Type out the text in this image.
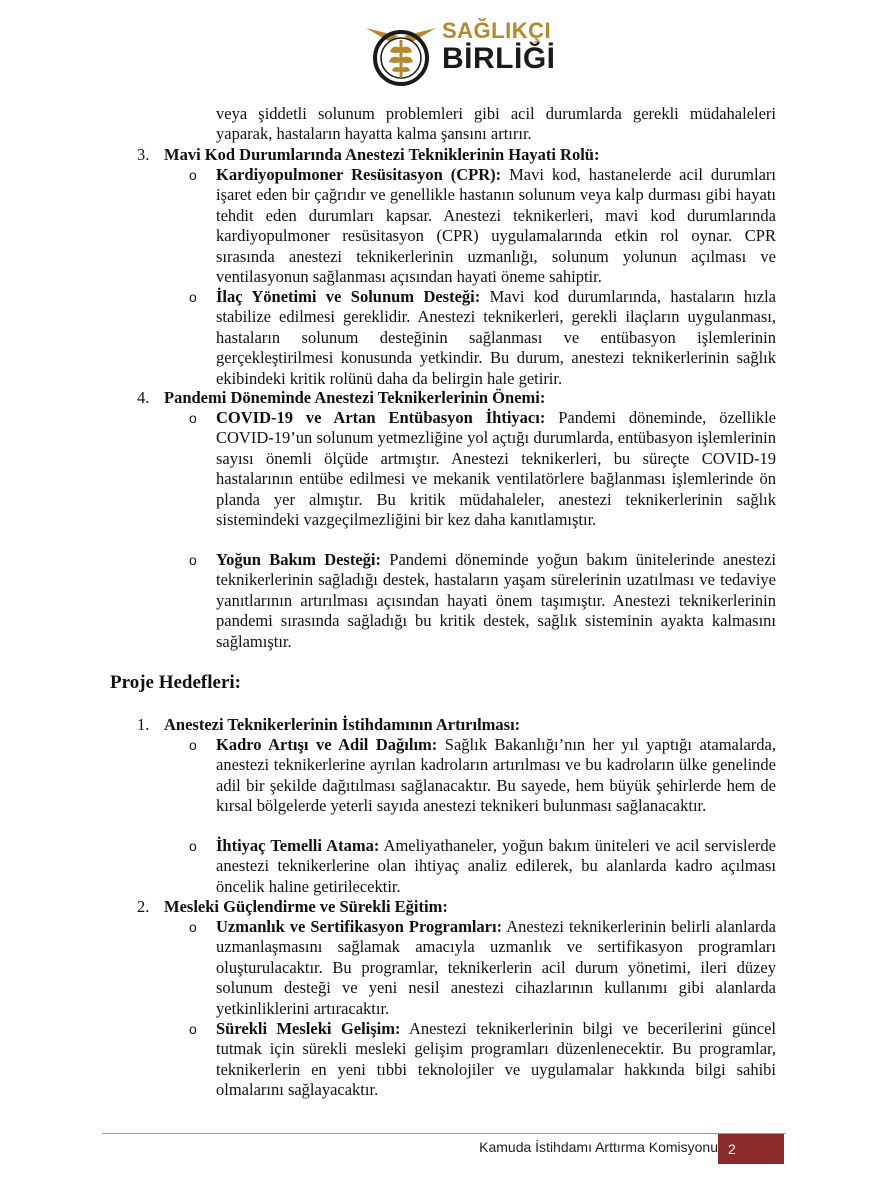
SAĞLIKÇI
BİRLİĞİ
veya şiddetli solunum problemleri gibi acil durumlarda gerekli müdahaleleri yaparak, hastaların hayatta kalma şansını artırır.
3. Mavi Kod Durumlarında Anestezi Tekniklerinin Hayati Rolü:
o Kardiyopulmoner Resüsitasyon (CPR): Mavi kod, hastanelerde acil durumları işaret eden bir çağrıdır ve genellikle hastanın solunum veya kalp durması gibi hayatı tehdit eden durumları kapsar. Anestezi teknikerleri, mavi kod durumlarında kardiyopulmoner resüsitasyon (CPR) uygulamalarında etkin rol oynar. CPR sırasında anestezi teknikerlerinin uzmanlığı, solunum yolunun açılması ve ventilasyonun sağlanması açısından hayati öneme sahiptir.
o İlaç Yönetimi ve Solunum Desteği: Mavi kod durumlarında, hastaların hızla stabilize edilmesi gereklidir. Anestezi teknikerleri, gerekli ilaçların uygulanması, hastaların solunum desteğinin sağlanması ve entübasyon işlemlerinin gerçekleştirilmesi konusunda yetkindir. Bu durum, anestezi teknikerlerinin sağlık ekibindeki kritik rolünü daha da belirgin hale getirir.
4. Pandemi Döneminde Anestezi Teknikerlerinin Önemi:
o COVID-19 ve Artan Entübasyon İhtiyacı: Pandemi döneminde, özellikle COVID-19’un solunum yetmezliğine yol açtığı durumlarda, entübasyon işlemlerinin sayısı önemli ölçüde artmıştır. Anestezi teknikerleri, bu süreçte COVID-19 hastalarının entübe edilmesi ve mekanik ventilatörlere bağlanması işlemlerinde ön planda yer almıştır. Bu kritik müdahaleler, anestezi teknikerlerinin sağlık sistemindeki vazgeçilmezliğini bir kez daha kanıtlamıştır.
o Yoğun Bakım Desteği: Pandemi döneminde yoğun bakım ünitelerinde anestezi teknikerlerinin sağladığı destek, hastaların yaşam sürelerinin uzatılması ve tedaviye yanıtlarının artırılması açısından hayati önem taşımıştır. Anestezi teknikerlerinin pandemi sırasında sağladığı bu kritik destek, sağlık sisteminin ayakta kalmasını sağlamıştır.
Proje Hedefleri:
1. Anestezi Teknikerlerinin İstihdamının Artırılması:
o Kadro Artışı ve Adil Dağılım: Sağlık Bakanlığı’nın her yıl yaptığı atamalarda, anestezi teknikerlerine ayrılan kadroların artırılması ve bu kadroların ülke genelinde adil bir şekilde dağıtılması sağlanacaktır. Bu sayede, hem büyük şehirlerde hem de kırsal bölgelerde yeterli sayıda anestezi teknikeri bulunması sağlanacaktır.
o İhtiyaç Temelli Atama: Ameliyathaneler, yoğun bakım üniteleri ve acil servislerde anestezi teknikerlerine olan ihtiyaç analiz edilerek, bu alanlarda kadro açılması öncelik haline getirilecektir.
2. Mesleki Güçlendirme ve Sürekli Eğitim:
o Uzmanlık ve Sertifikasyon Programları: Anestezi teknikerlerinin belirli alanlarda uzmanlaşmasını sağlamak amacıyla uzmanlık ve sertifikasyon programları oluşturulacaktır. Bu programlar, teknikerlerin acil durum yönetimi, ileri düzey solunum desteği ve yeni nesil anestezi cihazlarının kullanımı gibi alanlarda yetkinliklerini artıracaktır.
o Sürekli Mesleki Gelişim: Anestezi teknikerlerinin bilgi ve becerilerini güncel tutmak için sürekli mesleki gelişim programları düzenlenecektir. Bu programlar, teknikerlerin en yeni tıbbi teknolojiler ve uygulamalar hakkında bilgi sahibi olmalarını sağlayacaktır.
Kamuda İstihdamı Arttırma Komisyonu 2
